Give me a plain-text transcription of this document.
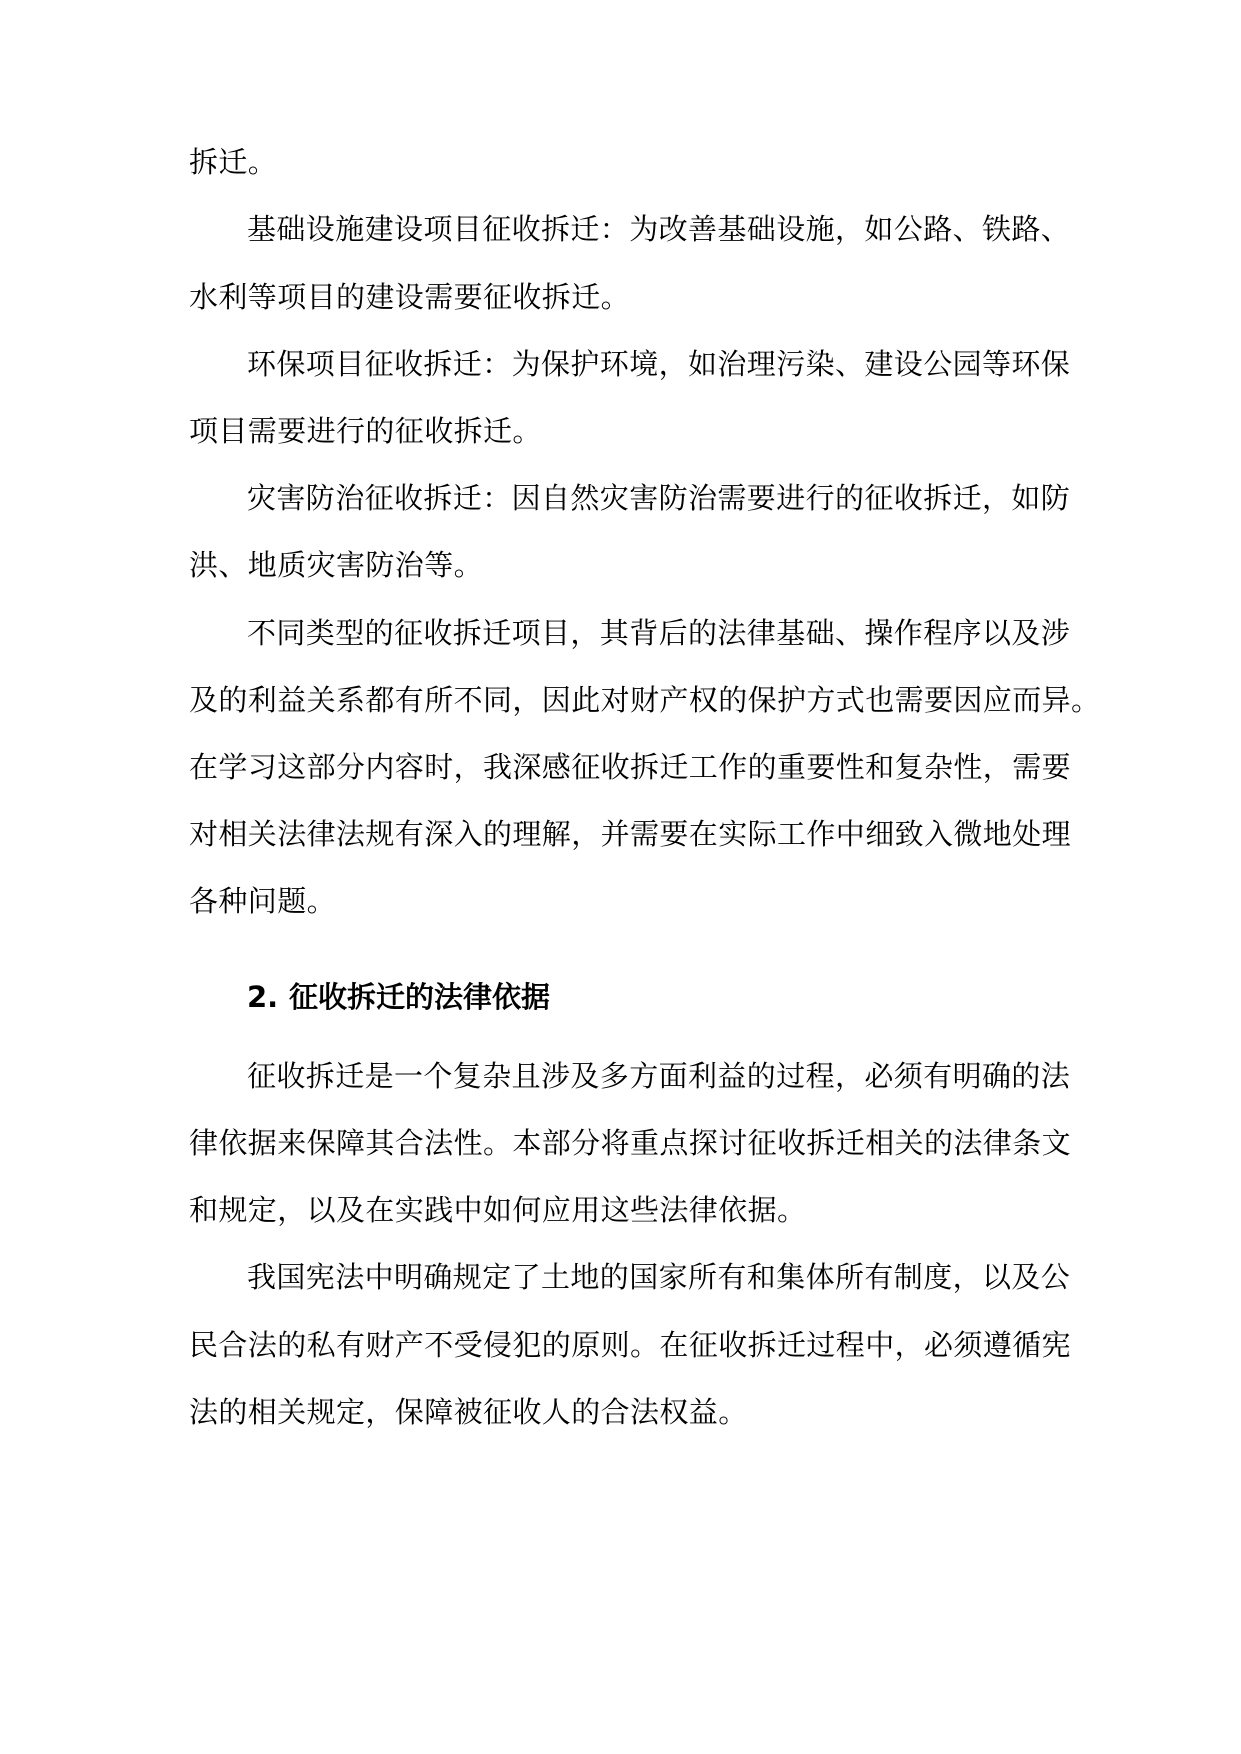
拆迁。
基础设施建设项目征收拆迁：为改善基础设施，如公路、铁路、
水利等项目的建设需要征收拆迁。
环保项目征收拆迁：为保护环境，如治理污染、建设公园等环保
项目需要进行的征收拆迁。
灾害防治征收拆迁：因自然灾害防治需要进行的征收拆迁，如防
洪、地质灾害防治等。
不同类型的征收拆迁项目，其背后的法律基础、操作程序以及涉
及的利益关系都有所不同，因此对财产权的保护方式也需要因应而异。
在学习这部分内容时，我深感征收拆迁工作的重要性和复杂性，需要
对相关法律法规有深入的理解，并需要在实际工作中细致入微地处理
各种问题。
2. 征收拆迁的法律依据
征收拆迁是一个复杂且涉及多方面利益的过程，必须有明确的法
律依据来保障其合法性。本部分将重点探讨征收拆迁相关的法律条文
和规定，以及在实践中如何应用这些法律依据。
我国宪法中明确规定了土地的国家所有和集体所有制度，以及公
民合法的私有财产不受侵犯的原则。在征收拆迁过程中，必须遵循宪
法的相关规定，保障被征收人的合法权益。
